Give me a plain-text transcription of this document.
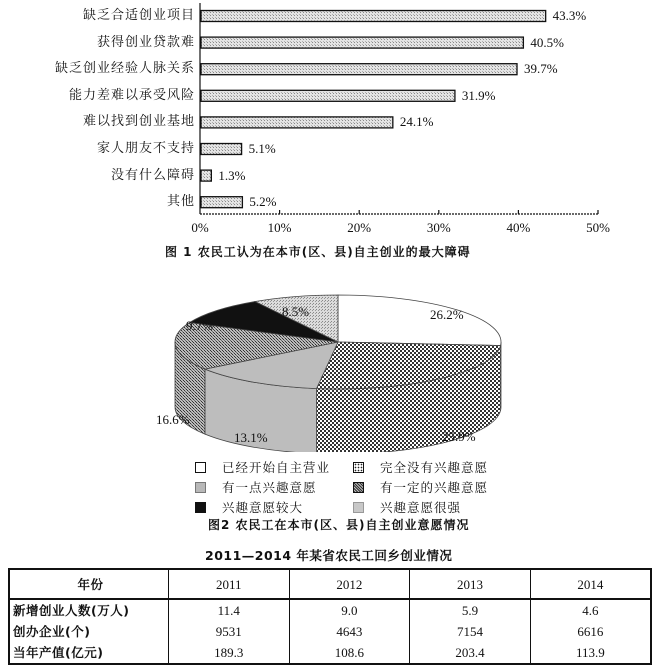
缺乏合适创业项目
获得创业贷款难
缺乏创业经验人脉关系
能力差难以承受风险
难以找到创业基地
家人朋友不支持
没有什么障碍
其他
43.3%
40.5%
39.7%
31.9%
24.1%
5.1%
1.3%
5.2%
0%	10%	20%	30%	40%	50%
图 1 农民工认为在本市(区、县)自主创业的最大障碍
26.2%
25.9%
13.1%
16.6%
9.7%
8.5%
已经开始自主营业	完全没有兴趣意愿
有一点兴趣意愿	有一定的兴趣意愿
兴趣意愿较大	兴趣意愿很强
图2 农民工在本市(区、县)自主创业意愿情况
2011—2014 年某省农民工回乡创业情况
年份	2011	2012	2013	2014
新增创业人数(万人)	11.4	9.0	5.9	4.6
创办企业(个)	9531	4643	7154	6616
当年产值(亿元)	189.3	108.6	203.4	113.9
